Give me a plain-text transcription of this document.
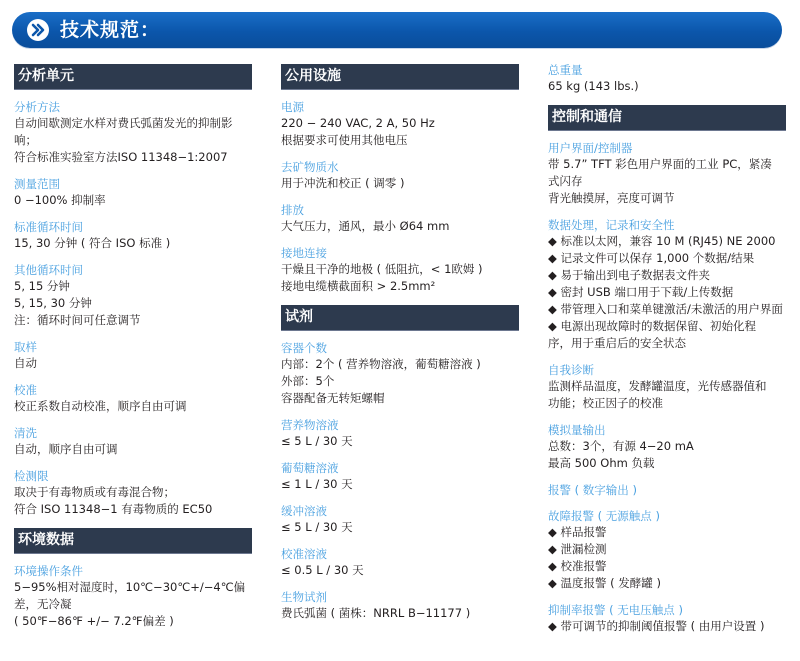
技术规范：
分析单元
分析方法
自动间歇测定水样对费氏弧菌发光的抑制影
响；
符合标准实验室方法ISO 11348−1:2007
测量范围
0 −100% 抑制率
标准循环时间
15, 30 分钟 ( 符合 ISO 标准 )
其他循环时间
5, 15 分钟
5, 15, 30 分钟
注：循环时间可任意调节
取样
自动
校准
校正系数自动校准，顺序自由可调
清洗
自动，顺序自由可调
检测限
取决于有毒物质或有毒混合物；
符合 ISO 11348−1 有毒物质的 EC50
环境数据
环境操作条件
5−95%相对湿度时，10℃−30℃+/−4℃偏
差，无冷凝
( 50℉−86℉ +/− 7.2℉偏差 )
公用设施
电源
220 − 240 VAC, 2 A, 50 Hz
根据要求可使用其他电压
去矿物质水
用于冲洗和校正 ( 调零 )
排放
大气压力，通风，最小 Ø64 mm
接地连接
干燥且干净的地极 ( 低阻抗，< 1欧姆 )
接地电缆横截面积 > 2.5mm²
试剂
容器个数
内部：2个 ( 营养物溶液，葡萄糖溶液 )
外部：5个
容器配备无转矩螺帽
营养物溶液
≤ 5 L / 30 天
葡萄糖溶液
≤ 1 L / 30 天
缓冲溶液
≤ 5 L / 30 天
校准溶液
≤ 0.5 L / 30 天
生物试剂
费氏弧菌 ( 菌株：NRRL B−11177 )
总重量
65 kg (143 lbs.)
控制和通信
用户界面/控制器
带 5.7” TFT 彩色用户界面的工业 PC，紧凑
式闪存
背光触摸屏，亮度可调节
数据处理，记录和安全性
◆ 标准以太网，兼容 10 M (RJ45) NE 2000
◆ 记录文件可以保存 1,000 个数据/结果
◆ 易于输出到电子数据表文件夹
◆ 密封 USB 端口用于下载/上传数据
◆ 带管理入口和菜单键激活/未激活的用户界面
◆ 电源出现故障时的数据保留、初始化程
序，用于重启后的安全状态
自我诊断
监测样品温度，发酵罐温度，光传感器值和
功能；校正因子的校准
模拟量输出
总数：3个，有源 4−20 mA
最高 500 Ohm 负载
报警 ( 数字输出 )
故障报警 ( 无源触点 )
◆ 样品报警
◆ 泄漏检测
◆ 校准报警
◆ 温度报警 ( 发酵罐 )
抑制率报警 ( 无电压触点 )
◆ 带可调节的抑制阈值报警 ( 由用户设置 )
